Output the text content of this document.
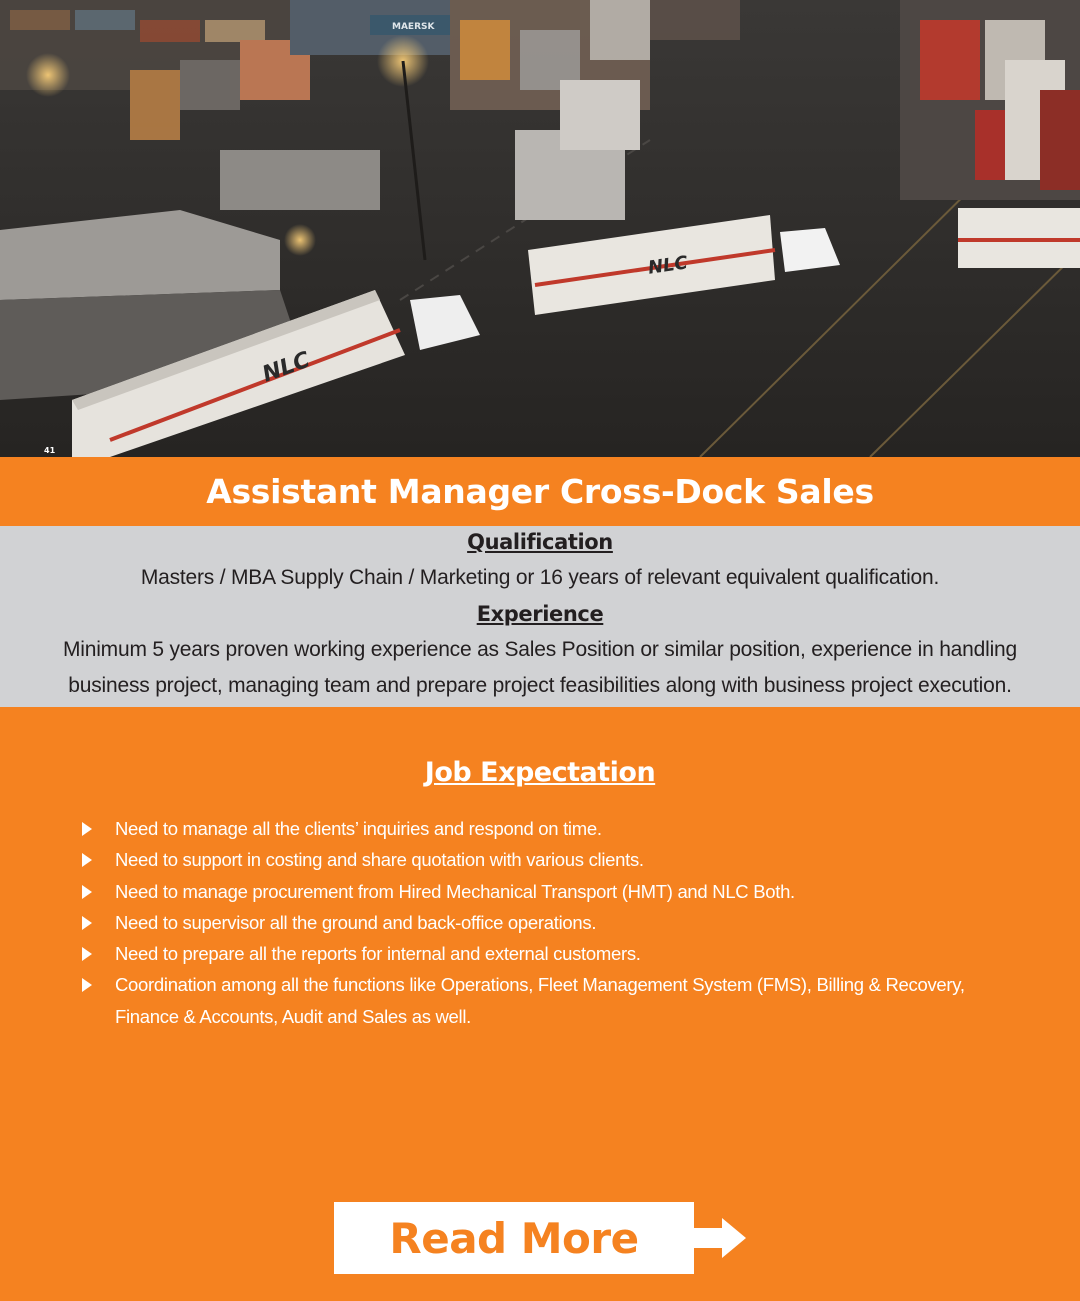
NLC
NLC
MAERSK
41
Assistant Manager Cross-Dock Sales
Qualification
Masters / MBA Supply Chain / Marketing or 16 years of relevant equivalent qualification.
Experience
Minimum 5 years proven working experience as Sales Position or similar position, experience in handling
business project, managing team and prepare project feasibilities along with business project execution.
Job Expectation
Need to manage all the clients’ inquiries and respond on time.
Need to support in costing and share quotation with various clients.
Need to manage procurement from Hired Mechanical Transport (HMT) and NLC Both.
Need to supervisor all the ground and back-office operations.
Need to prepare all the reports for internal and external customers.
Coordination among all the functions like Operations, Fleet Management System (FMS), Billing & Recovery, Finance & Accounts, Audit and Sales as well.
Read More
